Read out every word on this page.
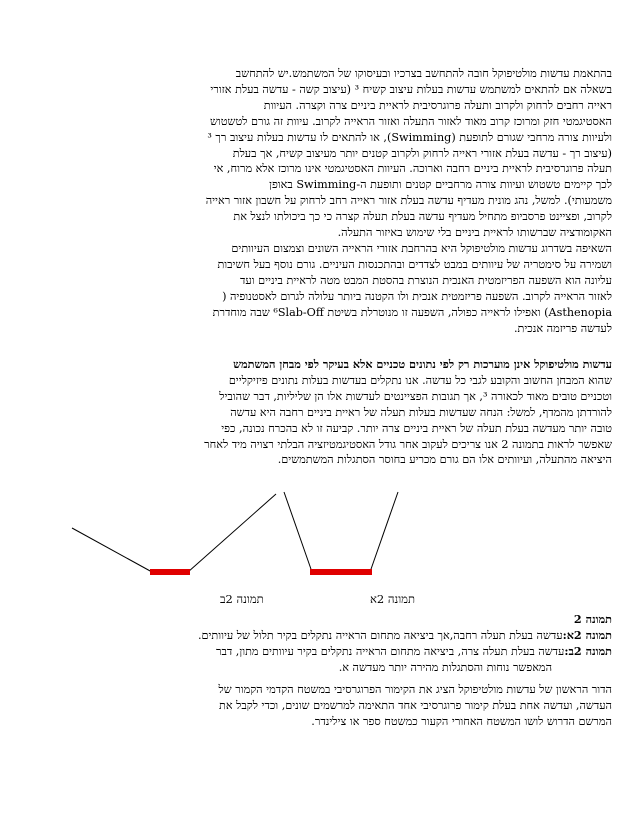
בהתאמת עדשות מולטיפוקל חובה להתחשב בצרכיו ובעיסוקו של המשתמש.יש להתחשב

בשאלה אם להתאים למשתמש עדשות בעלות עיצוב קשיח ³ (עיצוב קשה - עדשה בעלת אזורי

ראייה רחבים לרחוק ולקרוב ותעלה פרוגרסיבית לראיית ביניים צרה וקצרה. העיוות

האסטיגמטי חזק ומרוכז קרוב מאוד לאזור התעלה ואזור הראייה לקרוב. עיוות זה גורם לטשטוש

ולעיוות צורה מרחבי שגורם לתופעת (Swimming), או להתאים לו עדשות בעלות עיצוב רך ³

(עיצוב רך - עדשה בעלת אזורי ראייה לרחוק ולקרוב קטנים יותר מעיצוב קשיח, אך בעלת

תעלה פרוגרסיבית לראיית ביניים רחבה וארוכה. העיוות האסטיגמטי אינו מרוכז אלא מרוח, אי

לכך קיימים טשטוש ועיוות צורה מרחביים קטנים ותופעת ה-Swimming באופן

משמעותי). למשל, נהג מונית מעדיף עדשה בעלת אזור ראייה רחב לרחוק על חשבון אזור ראייה

לקרוב, ופציינט פרסביופ מתחיל מעדיף עדשה בעלת תעלה קצרה כי כך ביכולתו לנצל את

האקומודציה שברשותו לראיית ביניים בלי שימוש באיזור התעלה.

השאיפה בשדרוג עדשות מולטיפוקל היא בהרחבת אזורי הראייה השונים וצמצום העיוותים

ושמירה על סימטריה של עיוותים במבט לצדדים ובהתכנסות העיניים. גורם נוסף בעל חשיבות

עליונה הוא השפעה הפריזמטית האנכית הנוצרת בהסטת המבט מטה לראיית ביניים ועד

לאזור הראייה לקרוב. השפעה פריזמטית אנכית ולו הקטנה ביותר עלולה לגרום לאסטנופיה (

Asthenopia) ואפילו לראייה כפולה, השפעה זו מנוטרלת בשיטת ⁶Slab-Off שבה מוחדרת

לעדשה פריזמה אנכית.

עדשות מולטיפוקל אינן מוערכות רק לפי נתונים טכניים אלא בעיקר לפי מבחן המשתמש

שהוא המבחן החשוב והקובע לגבי כל עדשה. אנו נתקלים בעדשות בעלות נתונים פיזיקליים

וטכניים טובים מאוד לכאורה ³, אך תגובות הפציינטים לעדשות אלו הן שליליות, דבר שהוביל

להורדתן מהמדף, למשל: הנחה שעדשות בעלות תעלה של ראיית ביניים רחבה היא עדשה

טובה יותר מעדשה בעלת תעלה של ראיית ביניים צרה יותר. קביעה זו לא בהכרח נכונה, כפי

שאפשר לראות בתמונה 2 אנו צריכים לעקוב אחר גודל האסטיגמטיזציה הבלתי רצויה מיד לאחר

היציאה מהתעלה, ועיוותים אלו הם גורם מכריע בחוסר הסתגלות המשתמשים.

תמונה 2ב	תמונה 2א
תמונה 2
תמונה 2א:עדשה בעלת תעלה רחבה,אך ביציאה מתחום הראייה נתקלים בקיר תלול של עיוותים.
תמונה 2ב:עדשה בעלת תעלה צרה, ביציאה מתחום הראייה נתקלים בקיר עיוותים מתון, דבר
המאפשר נוחות והסתגלות מהירה יותר מעדשה א.

הדור הראשון של עדשות מולטיפוקל הציג את הקימור הפרוגרסיבי במשטח הקדמי הקמור של

העדשה, ועדשה אחת בעלת קימור פרוגרסיבי אחד התאימה למרשמים שונים, וכדי לקבל את

המרשם הדרוש לושו המשטח האחורי הקעור כמשטח ספר או צילינדר.
